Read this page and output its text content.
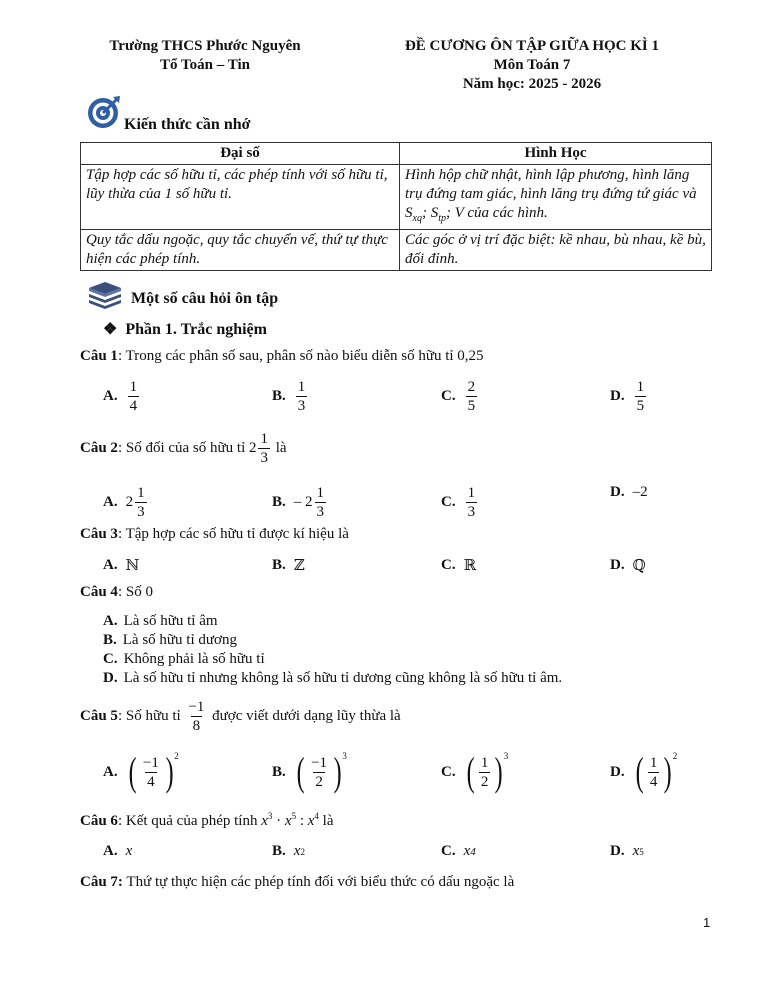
Trường THCS Phước Nguyên
Tổ Toán – Tin
ĐỀ CƯƠNG ÔN TẬP GIỮA HỌC KÌ 1
Môn Toán 7
Năm học: 2025 - 2026
Kiến thức cần nhớ
Đại số	Hình Học
Tập hợp các số hữu tỉ, các phép tính với số hữu tỉ, lũy thừa của 1 số hữu tỉ.	Hình hộp chữ nhật, hình lập phương, hình lăng trụ đứng tam giác, hình lăng trụ đứng tứ giác và $S_{xq}$; $S_{tp}$; V của các hình.
Quy tắc dấu ngoặc, quy tắc chuyển vế, thứ tự thực hiện các phép tính.	Các góc ở vị trí đặc biệt: kề nhau, bù nhau, kề bù, đối đỉnh.
Một số câu hỏi ôn tập
❖ Phần 1. Trắc nghiệm
Câu 1: Trong các phân số sau, phân số nào biểu diễn số hữu tỉ 0,25
A. $\frac{1}{4}$	B. $\frac{1}{3}$	C. $\frac{2}{5}$	D. $\frac{1}{5}$
Câu 2 : Số đối của số hữu tỉ $2 \frac{1}{3}$ là
A. $2 \frac{1}{3}$	B. – $2 \frac{1}{3}$	C. $\frac{1}{3}$	D. –2
Câu 3: Tập hợp các số hữu tỉ được kí hiệu là
A. ℕ	B. ℤ	C. ℝ	D. ℚ
Câu 4: Số 0
A. Là số hữu tỉ âm
B. Là số hữu tỉ dương
C. Không phải là số hữu tỉ
D. Là số hữu tỉ nhưng không là số hữu tỉ dương cũng không là số hữu tỉ âm.
Câu 5 : Số hữu tỉ $\frac{-1}{8}$ được viết dưới dạng lũy thừa là
A. ( $\frac{-1}{4}$ ) 2
B. ( $\frac{-1}{2}$ ) 3
C. ( $\frac{1}{2}$ ) 3
D. ( $\frac{1}{4}$ ) 2
Câu 6: Kết quả của phép tính $x^3 \cdot x^5$ : $x^4$ là
A. x	B. x 2	C. x 4	D. x 5
Câu 7: Thứ tự thực hiện các phép tính đối với biểu thức có dấu ngoặc là
1
